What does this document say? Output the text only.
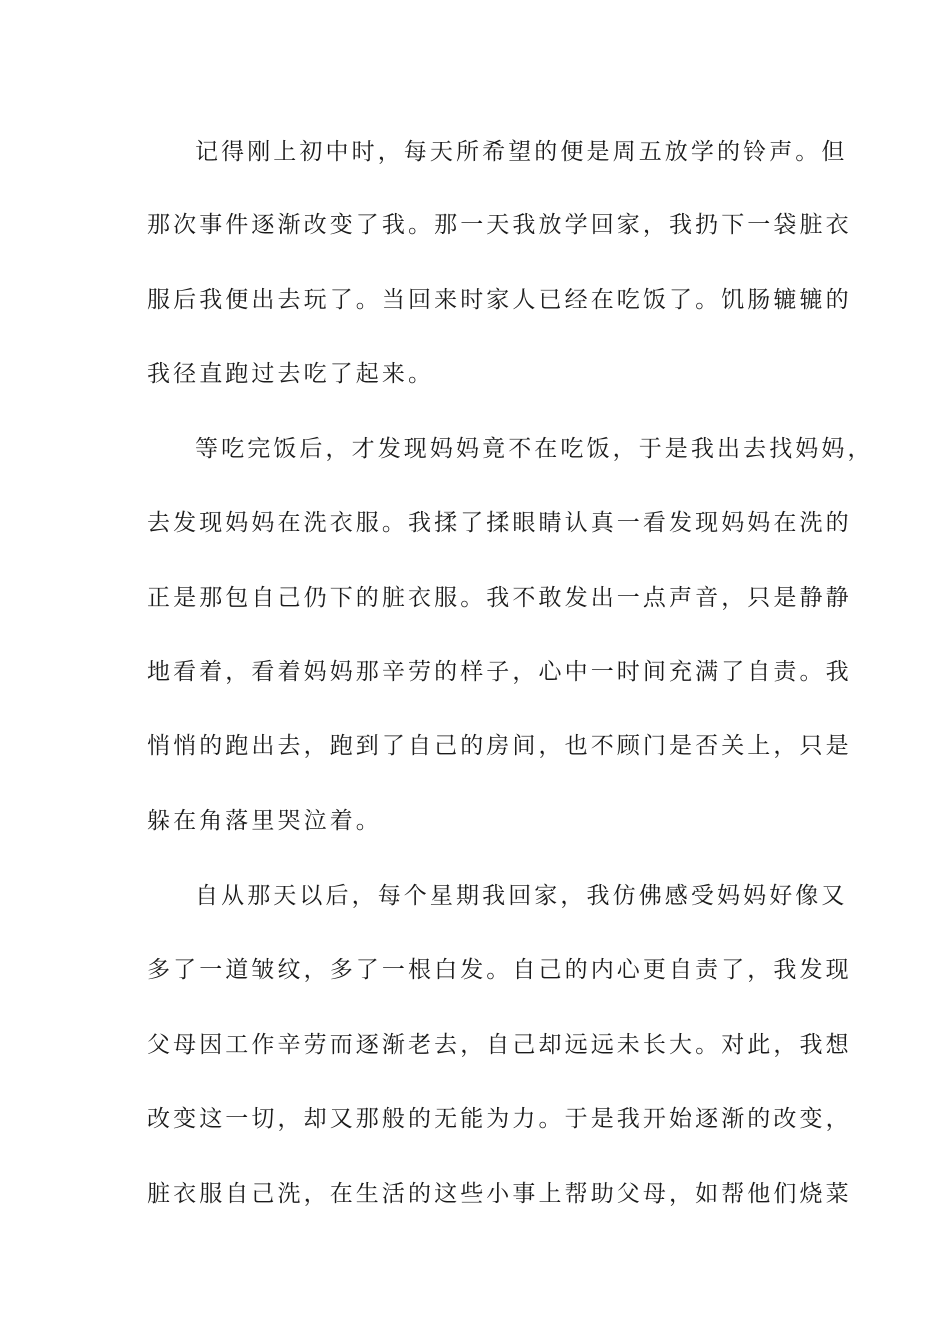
记得刚上初中时，每天所希望的便是周五放学的铃声。但
那次事件逐渐改变了我。那一天我放学回家，我扔下一袋脏衣
服后我便出去玩了。当回来时家人已经在吃饭了。饥肠辘辘的
我径直跑过去吃了起来。
等吃完饭后，才发现妈妈竟不在吃饭，于是我出去找妈妈，
去发现妈妈在洗衣服。我揉了揉眼睛认真一看发现妈妈在洗的
正是那包自己仍下的脏衣服。我不敢发出一点声音，只是静静
地看着，看着妈妈那辛劳的样子，心中一时间充满了自责。我
悄悄的跑出去，跑到了自己的房间，也不顾门是否关上，只是
躲在角落里哭泣着。
自从那天以后，每个星期我回家，我仿佛感受妈妈好像又
多了一道皱纹，多了一根白发。自己的内心更自责了，我发现
父母因工作辛劳而逐渐老去，自己却远远未长大。对此，我想
改变这一切，却又那般的无能为力。于是我开始逐渐的改变，
脏衣服自己洗，在生活的这些小事上帮助父母，如帮他们烧菜
